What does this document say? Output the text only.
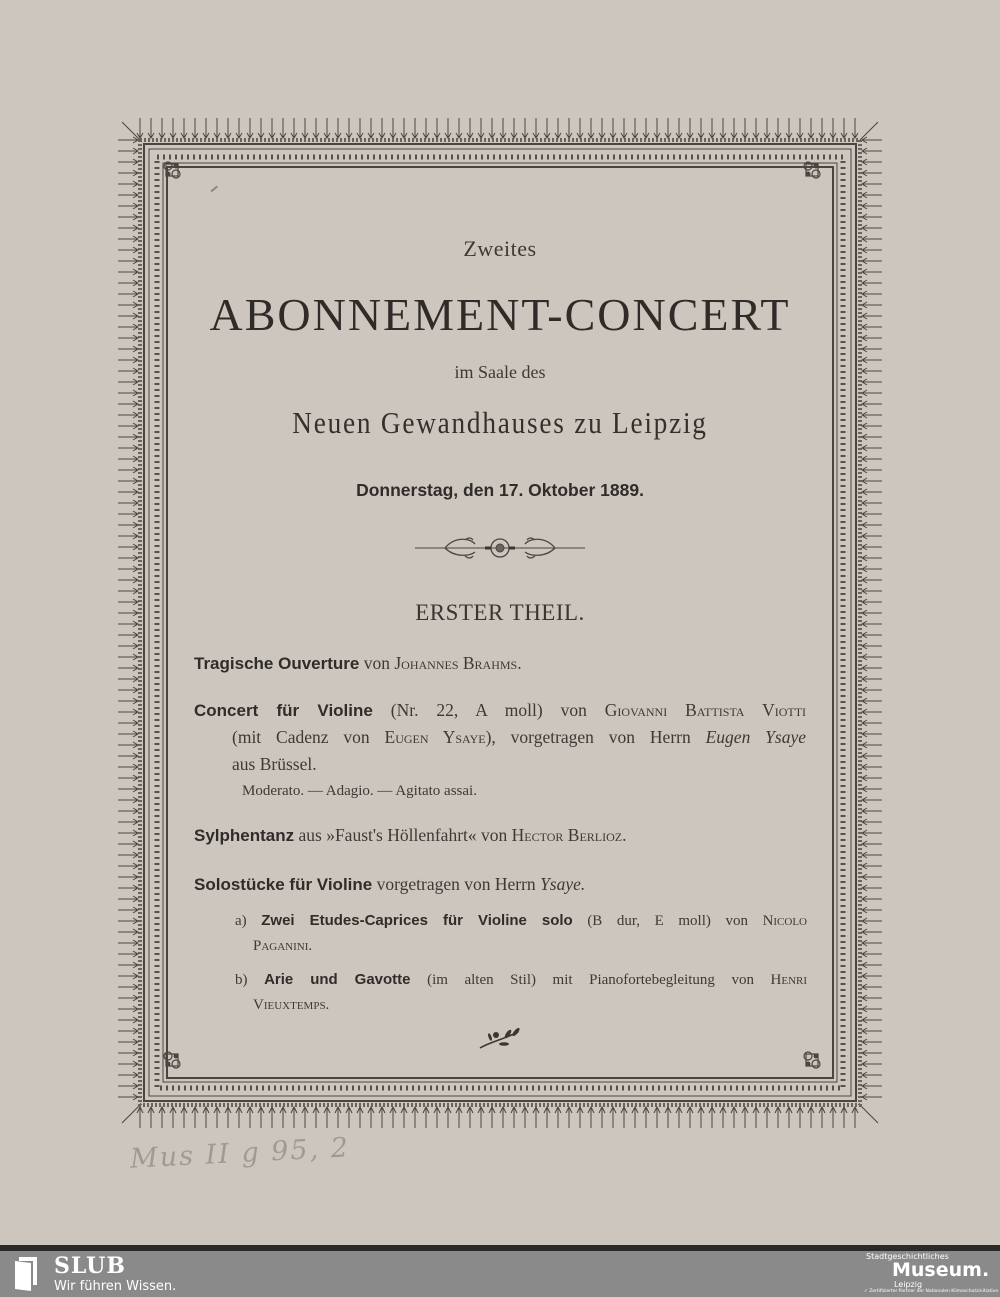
Zweites
ABONNEMENT-CONCERT
im Saale des
Neuen Gewandhauses zu Leipzig
Donnerstag, den 17. Oktober 1889.
ERSTER THEIL.
Tragische Ouverture von Johannes Brahms.
Concert für Violine (Nr. 22, A moll) von Giovanni Battista Viotti
(mit Cadenz von Eugen Ysaye), vorgetragen von Herrn Eugen Ysaye
aus Brüssel.
Moderato. — Adagio. — Agitato assai.
Sylphentanz aus »Faust's Höllenfahrt« von Hector Berlioz.
Solostücke für Violine vorgetragen von Herrn Ysaye.
a) Zwei Etudes-Caprices für Violine solo (B dur, E moll) von Nicolo
Paganini.
b) Arie und Gavotte (im alten Stil) mit Pianofortebegleitung von Henri
Vieuxtemps.
Mus II g 95, 2
SLUB
Wir führen Wissen.
Stadtgeschichtliches
Museum.
Leipzig
✓ Zertifizierter Partner der Nationalen Klimaschutzinitiative
